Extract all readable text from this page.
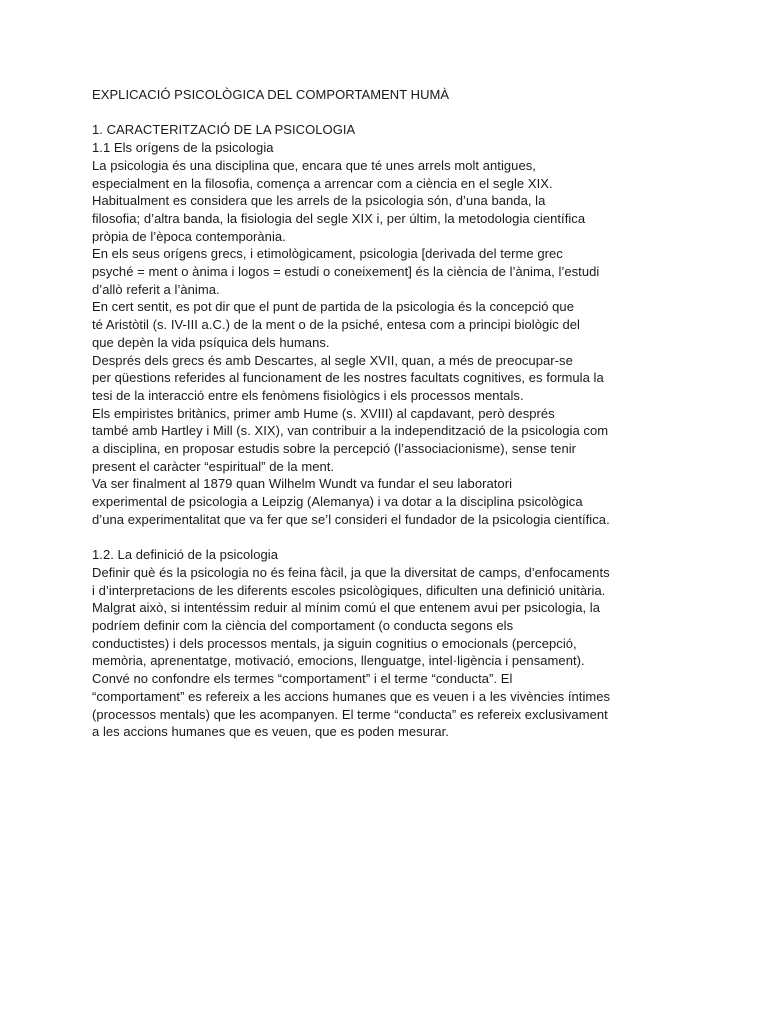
EXPLICACIÓ PSICOLÒGICA DEL COMPORTAMENT HUMÀ
1. CARACTERITZACIÓ DE LA PSICOLOGIA
1.1 Els orígens de la psicologia
La psicologia és una disciplina que, encara que té unes arrels molt antigues,
especialment en la filosofia, comença a arrencar com a ciència en el segle XIX.
Habitualment es considera que les arrels de la psicologia són, d’una banda, la
filosofia; d’altra banda, la fisiologia del segle XIX i, per últim, la metodologia científica
pròpia de l’època contemporània.
En els seus orígens grecs, i etimològicament, psicologia [derivada del terme grec
psyché = ment o ànima i logos = estudi o coneixement] és la ciència de l’ànima, l’estudi
d’allò referit a l’ànima.
En cert sentit, es pot dir que el punt de partida de la psicologia és la concepció que
té Aristòtil (s. IV-III a.C.) de la ment o de la psiché, entesa com a principi biològic del
que depèn la vida psíquica dels humans.
Després dels grecs és amb Descartes, al segle XVII, quan, a més de preocupar-se
per qüestions referides al funcionament de les nostres facultats cognitives, es formula la
tesi de la interacció entre els fenòmens fisiològics i els processos mentals.
Els empiristes britànics, primer amb Hume (s. XVIII) al capdavant, però després
també amb Hartley i Mill (s. XIX), van contribuir a la independització de la psicologia com
a disciplina, en proposar estudis sobre la percepció (l’associacionisme), sense tenir
present el caràcter “espiritual” de la ment.
Va ser finalment al 1879 quan Wilhelm Wundt va fundar el seu laboratori
experimental de psicologia a Leipzig (Alemanya) i va dotar a la disciplina psicològica
d’una experimentalitat que va fer que se’l consideri el fundador de la psicologia científica.
1.2. La definició de la psicologia
Definir què és la psicologia no és feina fàcil, ja que la diversitat de camps, d’enfocaments
i d’interpretacions de les diferents escoles psicològiques, dificulten una definició unitària.
Malgrat això, si intentéssim reduir al mínim comú el que entenem avui per psicologia, la
podríem definir com la ciència del comportament (o conducta segons els
conductistes) i dels processos mentals, ja siguin cognitius o emocionals (percepció,
memòria, aprenentatge, motivació, emocions, llenguatge, intel·ligència i pensament).
Convé no confondre els termes “comportament” i el terme “conducta”. El
“comportament” es refereix a les accions humanes que es veuen i a les vivències íntimes
(processos mentals) que les acompanyen. El terme “conducta” es refereix exclusivament
a les accions humanes que es veuen, que es poden mesurar.
